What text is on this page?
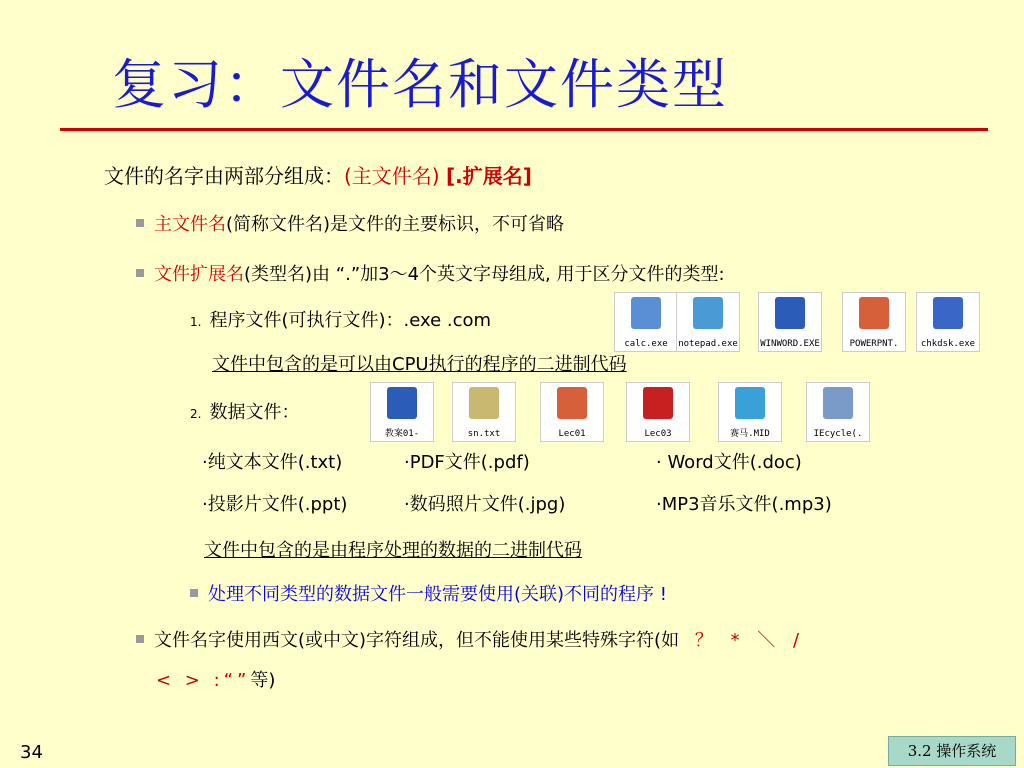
复习：文件名和文件类型
文件的名字由两部分组成：(主文件名) [.扩展名]
主文件名(简称文件名)是文件的主要标识，不可省略
文件扩展名(类型名)由 “.”加3～4个英文字母组成, 用于区分文件的类型:
1. 程序文件(可执行文件)：.exe .com
文件中包含的是可以由CPU执行的程序的二进制代码
calc.exe	notepad.exe WINWORD.EXE	POWERPNT.	chkdsk.exe
2. 数据文件：
教案01-	sn.txt	Lec01	Lec03	赛马.MID	IEcycle(.
·纯文本文件(.txt)	·PDF文件(.pdf)	· Word文件(.doc)
·投影片文件(.ppt)	·数码照片文件(.jpg)	·MP3音乐文件(.mp3)
文件中包含的是由程序处理的数据的二进制代码
处理不同类型的数据文件一般需要使用(关联)不同的程序 !
文件名字使用西文(或中文)字符组成，但不能使用某些特殊字符(如 ？ * ＼ /
< > :“”等)
34	3.2 操作系统
